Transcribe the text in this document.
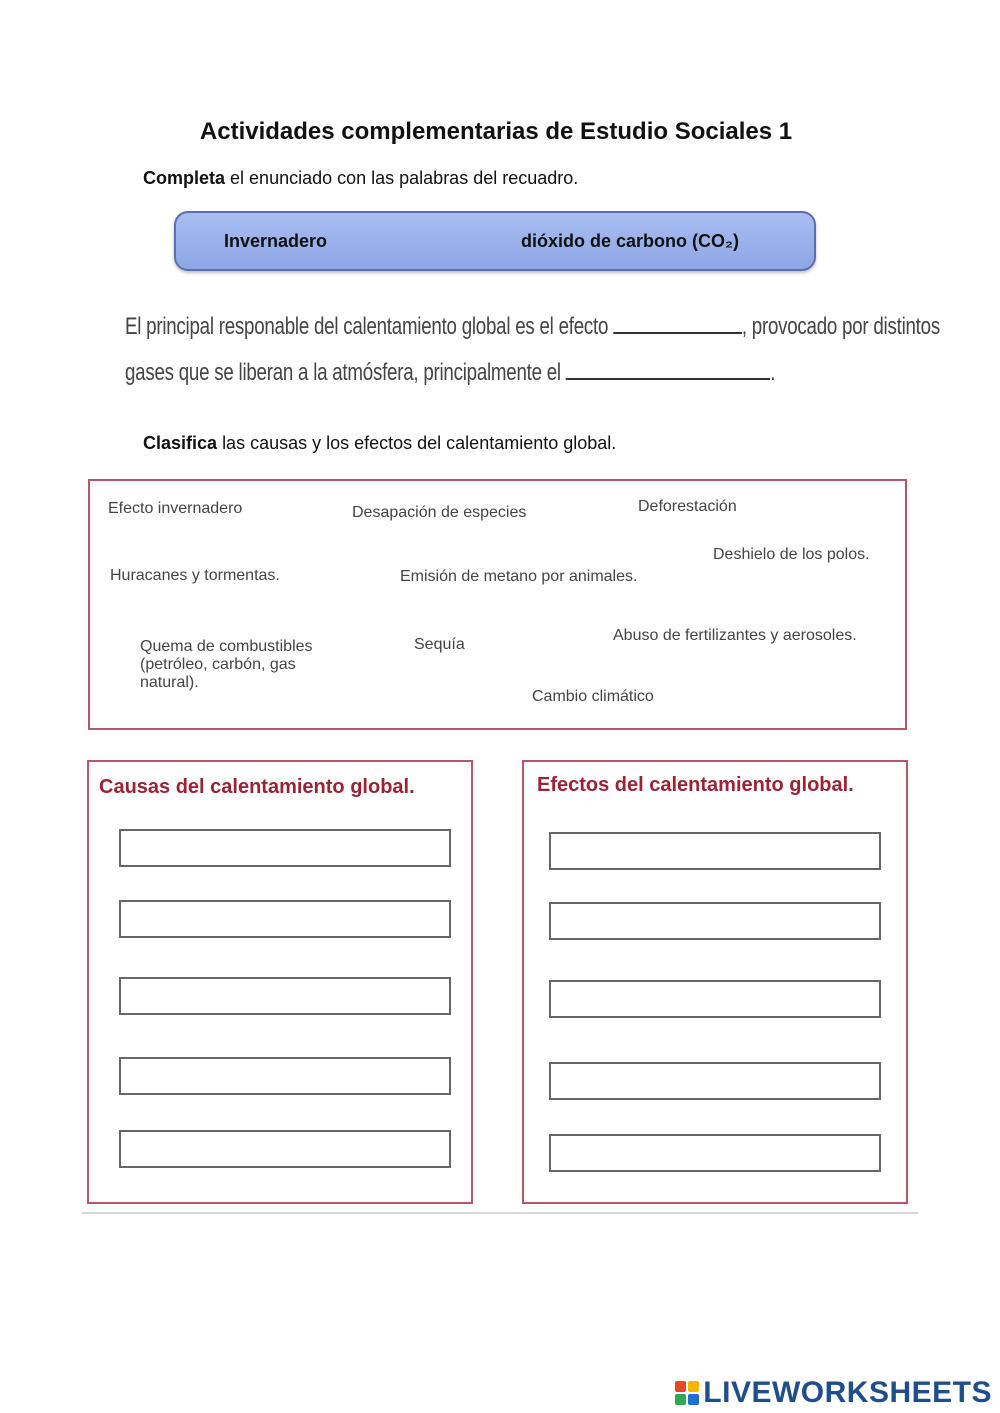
Actividades complementarias de Estudio Sociales 1
Completa el enunciado con las palabras del recuadro.
Invernadero	dióxido de carbono (CO₂)
El principal responable del calentamiento global es el efecto	, provocado por distintos
gases que se liberan a la atmósfera, principalmente el	.
Clasifica las causas y los efectos del calentamiento global.
Efecto invernadero	Desapación de especies	Deforestación
Deshielo de los polos.
Huracanes y tormentas.	Emisión de metano por animales.
Quema de combustibles (petróleo, carbón, gas natural).
Sequía
Abuso de fertilizantes y aerosoles.
Cambio climático
Causas del calentamiento global.	Efectos del calentamiento global.
LIVEWORKSHEETS
